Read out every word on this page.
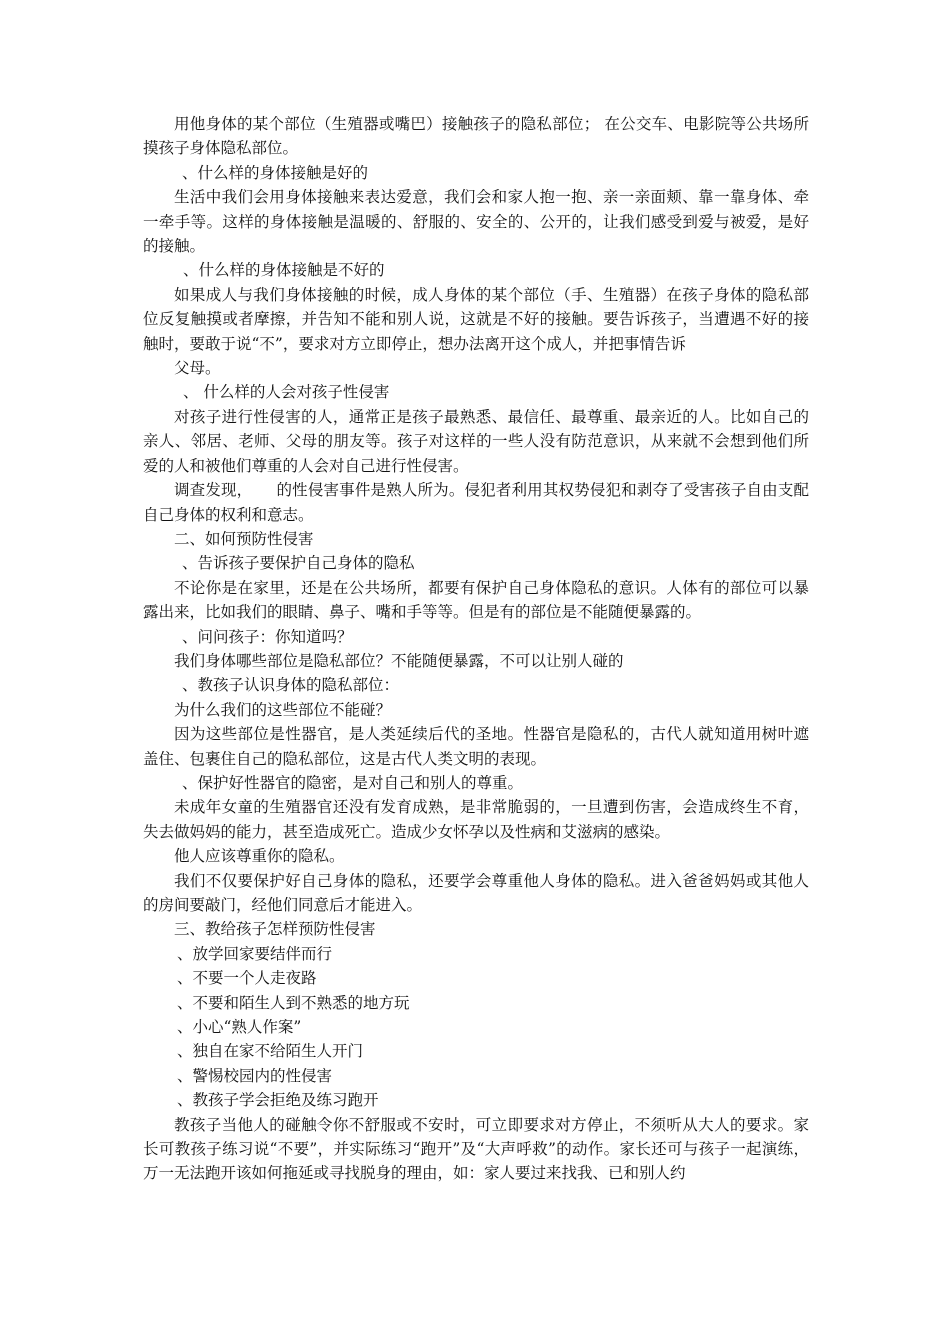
用他身体的某个部位（生殖器或嘴巴）接触孩子的隐私部位； 在公交车、电影院等公共场所摸孩子身体隐私部位。

、什么样的身体接触是好的

生活中我们会用身体接触来表达爱意，我们会和家人抱一抱、亲一亲面颊、靠一靠身体、牵一牵手等。这样的身体接触是温暖的、舒服的、安全的、公开的，让我们感受到爱与被爱，是好的接触。

、什么样的身体接触是不好的

如果成人与我们身体接触的时候，成人身体的某个部位（手、生殖器）在孩子身体的隐私部位反复触摸或者摩擦，并告知不能和别人说，这就是不好的接触。要告诉孩子，当遭遇不好的接触时，要敢于说“不”，要求对方立即停止，想办法离开这个成人，并把事情告诉

父母。

、 什么样的人会对孩子性侵害

对孩子进行性侵害的人，通常正是孩子最熟悉、最信任、最尊重、最亲近的人。比如自己的亲人、邻居、老师、父母的朋友等。孩子对这样的一些人没有防范意识，从来就不会想到他们所爱的人和被他们尊重的人会对自己进行性侵害。

调查发现， 的性侵害事件是熟人所为。侵犯者利用其权势侵犯和剥夺了受害孩子自由支配自己身体的权利和意志。

二、如何预防性侵害

、告诉孩子要保护自己身体的隐私

不论你是在家里，还是在公共场所，都要有保护自己身体隐私的意识。人体有的部位可以暴露出来，比如我们的眼睛、鼻子、嘴和手等等。但是有的部位是不能随便暴露的。

、问问孩子：你知道吗？

我们身体哪些部位是隐私部位？不能随便暴露，不可以让别人碰的

、教孩子认识身体的隐私部位：

为什么我们的这些部位不能碰？

因为这些部位是性器官，是人类延续后代的圣地。性器官是隐私的，古代人就知道用树叶遮盖住、包裹住自己的隐私部位，这是古代人类文明的表现。

、保护好性器官的隐密，是对自己和别人的尊重。

未成年女童的生殖器官还没有发育成熟，是非常脆弱的，一旦遭到伤害，会造成终生不育，失去做妈妈的能力，甚至造成死亡。造成少女怀孕以及性病和艾滋病的感染。

他人应该尊重你的隐私。

我们不仅要保护好自己身体的隐私，还要学会尊重他人身体的隐私。进入爸爸妈妈或其他人的房间要敲门，经他们同意后才能进入。

三、教给孩子怎样预防性侵害

、放学回家要结伴而行

、不要一个人走夜路

、不要和陌生人到不熟悉的地方玩

、小心“熟人作案”

、独自在家不给陌生人开门

、警惕校园内的性侵害

、教孩子学会拒绝及练习跑开

教孩子当他人的碰触令你不舒服或不安时，可立即要求对方停止，不须听从大人的要求。家长可教孩子练习说“不要”，并实际练习“跑开”及“大声呼救”的动作。家长还可与孩子一起演练，万一无法跑开该如何拖延或寻找脱身的理由，如：家人要过来找我、已和别人约
